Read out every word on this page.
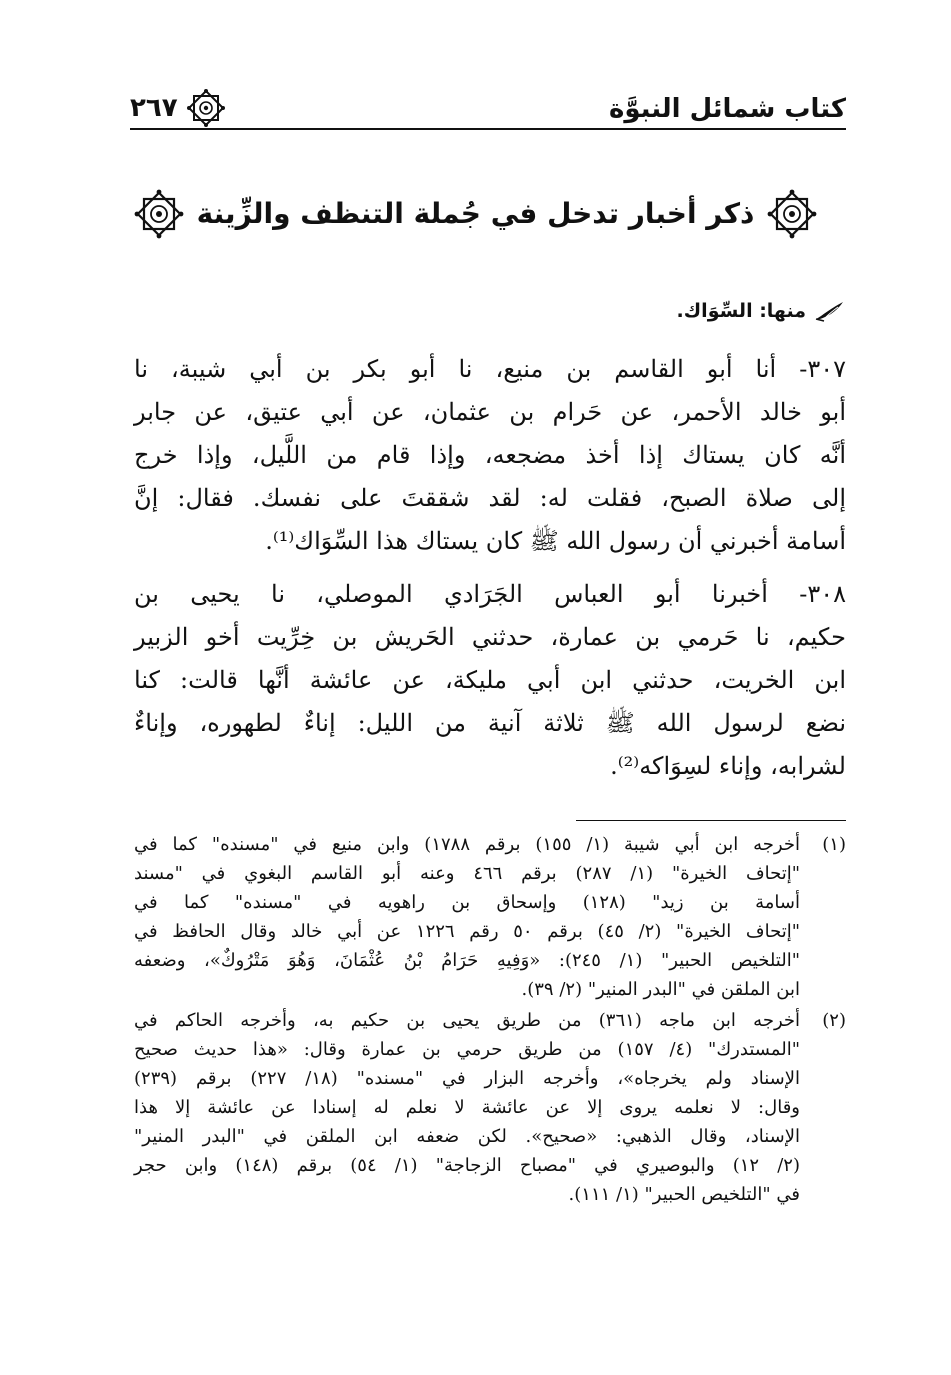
كتاب شمائل النبوَّة
٢٦٧
ذكر أخبار تدخل في جُملة التنظف والزِّينة
منها: السِّوَاك.
٣٠٧- أنا أبو القاسم بن منيع، نا أبو بكر بن أبي شيبة، نا
أبو خالد الأحمر، عن حَرام بن عثمان، عن أبي عتيق، عن جابر
أنَّه كان يستاك إذا أخذ مضجعه، وإذا قام من اللَّيل، وإذا خرج
إلى صلاة الصبح، فقلت له: لقد شققتَ على نفسك. فقال: إنَّ
أسامة أخبرني أن رسول الله ﷺ كان يستاك هذا السِّوَاك⁽¹⁾.
٣٠٨- أخبرنا أبو العباس الجَرَادي الموصلي، نا يحيى بن
حكيم، نا حَرمي بن عمارة، حدثني الحَريش بن خِرِّيت أخو الزبير
ابن الخريت، حدثني ابن أبي مليكة، عن عائشة أنَّها قالت: كنا
نضع لرسول الله ﷺ ثلاثة آنية من الليل: إناءٌ لطهوره، وإناءٌ
لشرابه، وإناء لسِوَاكه⁽²⁾.
(١)
أخرجه ابن أبي شيبة (١/ ١٥٥) برقم ١٧٨٨) وابن منيع في "مسنده" كما في
"إتحاف الخيرة" (١/ ٢٨٧) برقم ٤٦٦ وعنه أبو القاسم البغوي في "مسند
أسامة بن زيد" (١٢٨) وإسحاق بن راهويه في "مسنده" كما في
"إتحاف الخيرة" (٢/ ٤٥) برقم ٥٠ رقم ١٢٢٦ عن أبي خالد وقال الحافظ في
"التلخيص الحبير" (١/ ٢٤٥): «وَفِيهِ حَرَامُ بْنُ عُثْمَانَ، وَهُوَ مَتْرُوكٌ»، وضعفه
ابن الملقن في "البدر المنير" (٢/ ٣٩).
(٢)
أخرجه ابن ماجه (٣٦١) من طريق يحيى بن حكيم به، وأخرجه الحاكم في
"المستدرك" (٤/ ١٥٧) من طريق حرمي بن عمارة وقال: «هذا حديث صحيح
الإسناد ولم يخرجاه»، وأخرجه البزار في "مسنده" (١٨/ ٢٢٧) برقم (٢٣٩)
وقال: لا نعلمه يروى إلا عن عائشة لا نعلم له إسنادا عن عائشة إلا هذا
الإسناد، وقال الذهبي: «صحيح». لكن ضعفه ابن الملقن في "البدر المنير"
(٢/ ١٢) والبوصيري في "مصباح الزجاجة" (١/ ٥٤) برقم (١٤٨) وابن حجر
في "التلخيص الحبير" (١/ ١١١).
